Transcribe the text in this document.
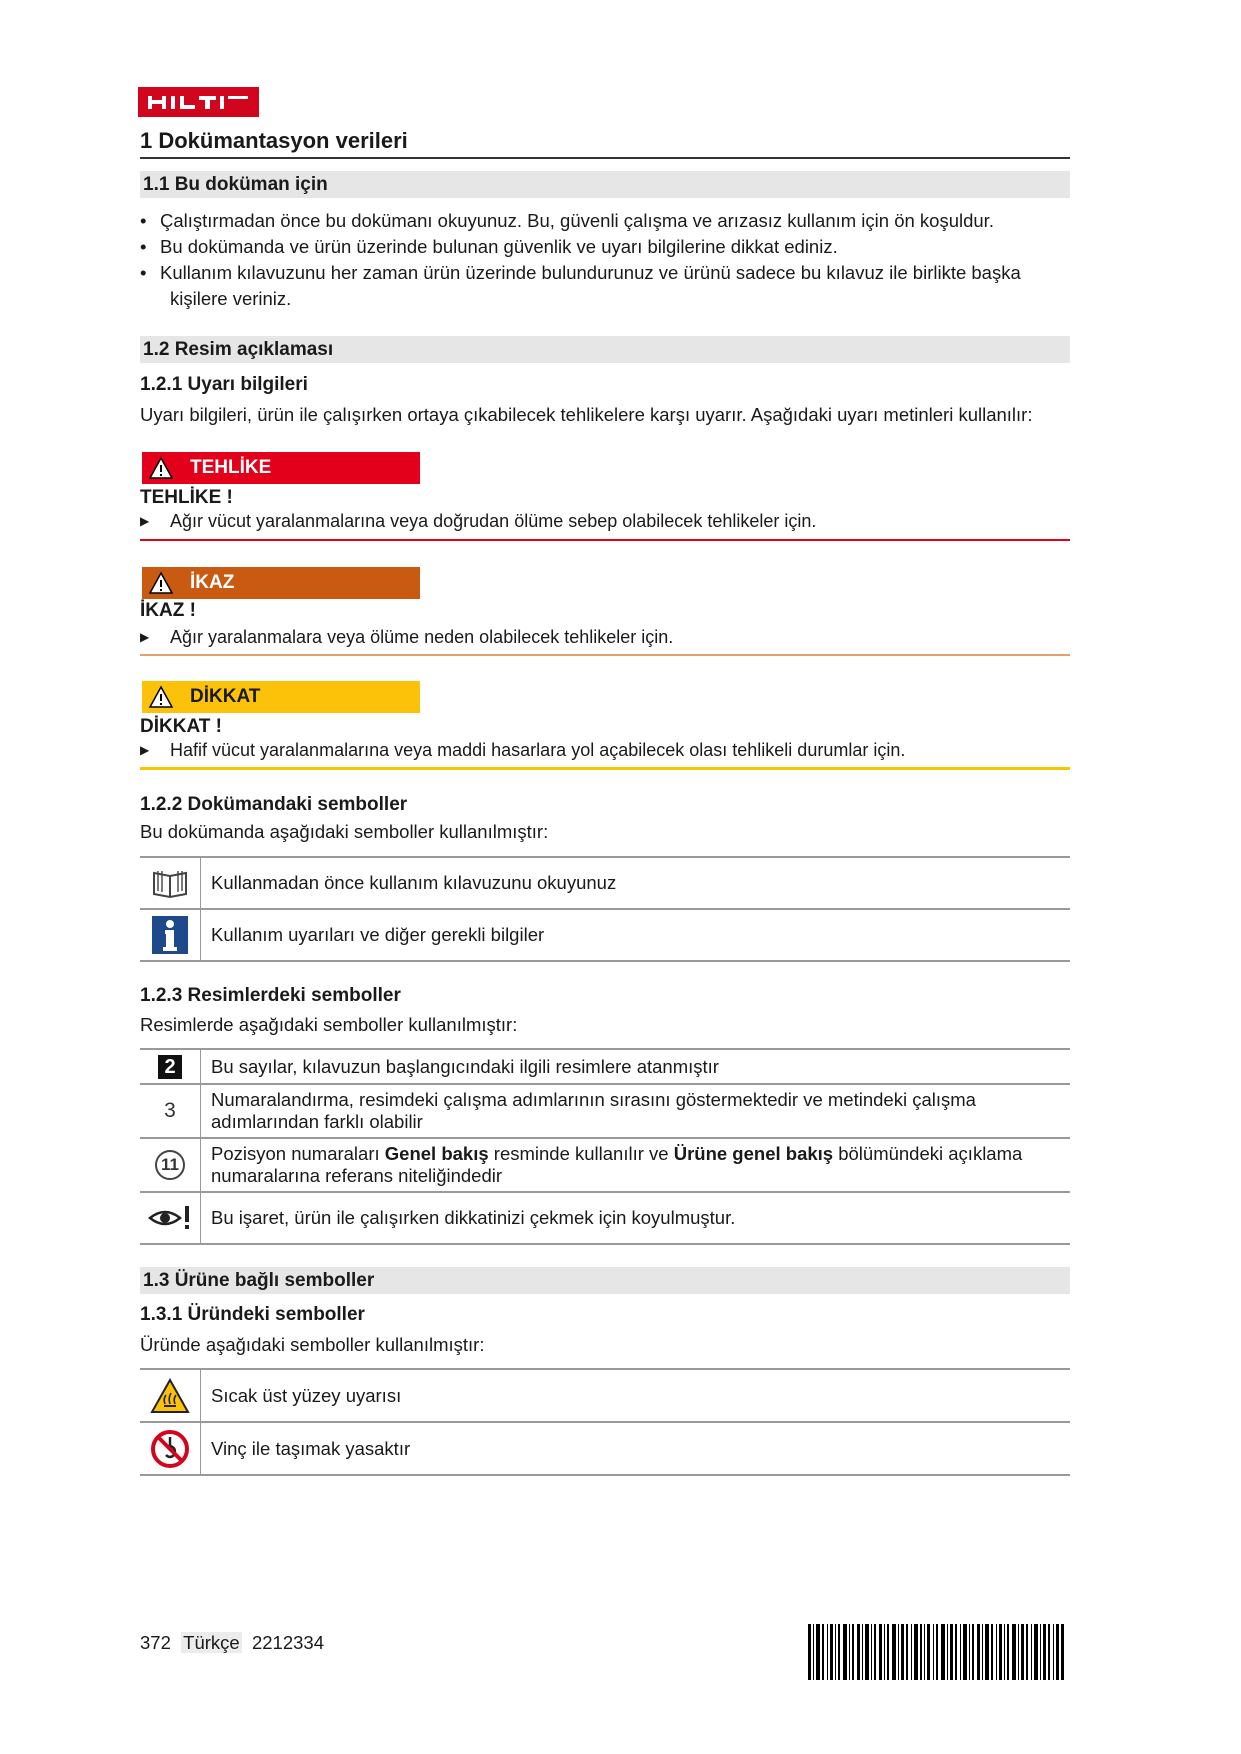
1 Dokümantasyon verileri
1.1 Bu doküman için
• Çalıştırmadan önce bu dokümanı okuyunuz. Bu, güvenli çalışma ve arızasız kullanım için ön koşuldur.
• Bu dokümanda ve ürün üzerinde bulunan güvenlik ve uyarı bilgilerine dikkat ediniz.
• Kullanım kılavuzunu her zaman ürün üzerinde bulundurunuz ve ürünü sadece bu kılavuz ile birlikte başka
kişilere veriniz.
1.2 Resim açıklaması
1.2.1 Uyarı bilgileri
Uyarı bilgileri, ürün ile çalışırken ortaya çıkabilecek tehlikelere karşı uyarır. Aşağıdaki uyarı metinleri kullanılır:
TEHLİKE
TEHLİKE !
▶ Ağır vücut yaralanmalarına veya doğrudan ölüme sebep olabilecek tehlikeler için.
İKAZ
İKAZ !
▶ Ağır yaralanmalara veya ölüme neden olabilecek tehlikeler için.
DİKKAT
DİKKAT !
▶ Hafif vücut yaralanmalarına veya maddi hasarlara yol açabilecek olası tehlikeli durumlar için.
1.2.2 Dokümandaki semboller
Bu dokümanda aşağıdaki semboller kullanılmıştır:
Kullanmadan önce kullanım kılavuzunu okuyunuz
Kullanım uyarıları ve diğer gerekli bilgiler
1.2.3 Resimlerdeki semboller
Resimlerde aşağıdaki semboller kullanılmıştır:
2	Bu sayılar, kılavuzun başlangıcındaki ilgili resimlere atanmıştır
3	Numaralandırma, resimdeki çalışma adımlarının sırasını göstermektedir ve metindeki çalışma adımlarından farklı olabilir
11
Pozisyon numaraları Genel bakış resminde kullanılır ve Ürüne genel bakış bölümündeki açıklama numaralarına referans niteliğindedir
Bu işaret, ürün ile çalışırken dikkatinizi çekmek için koyulmuştur.
1.3 Ürüne bağlı semboller
1.3.1 Üründeki semboller
Üründe aşağıdaki semboller kullanılmıştır:
Sıcak üst yüzey uyarısı
Vinç ile taşımak yasaktır
372 Türkçe 2212334
